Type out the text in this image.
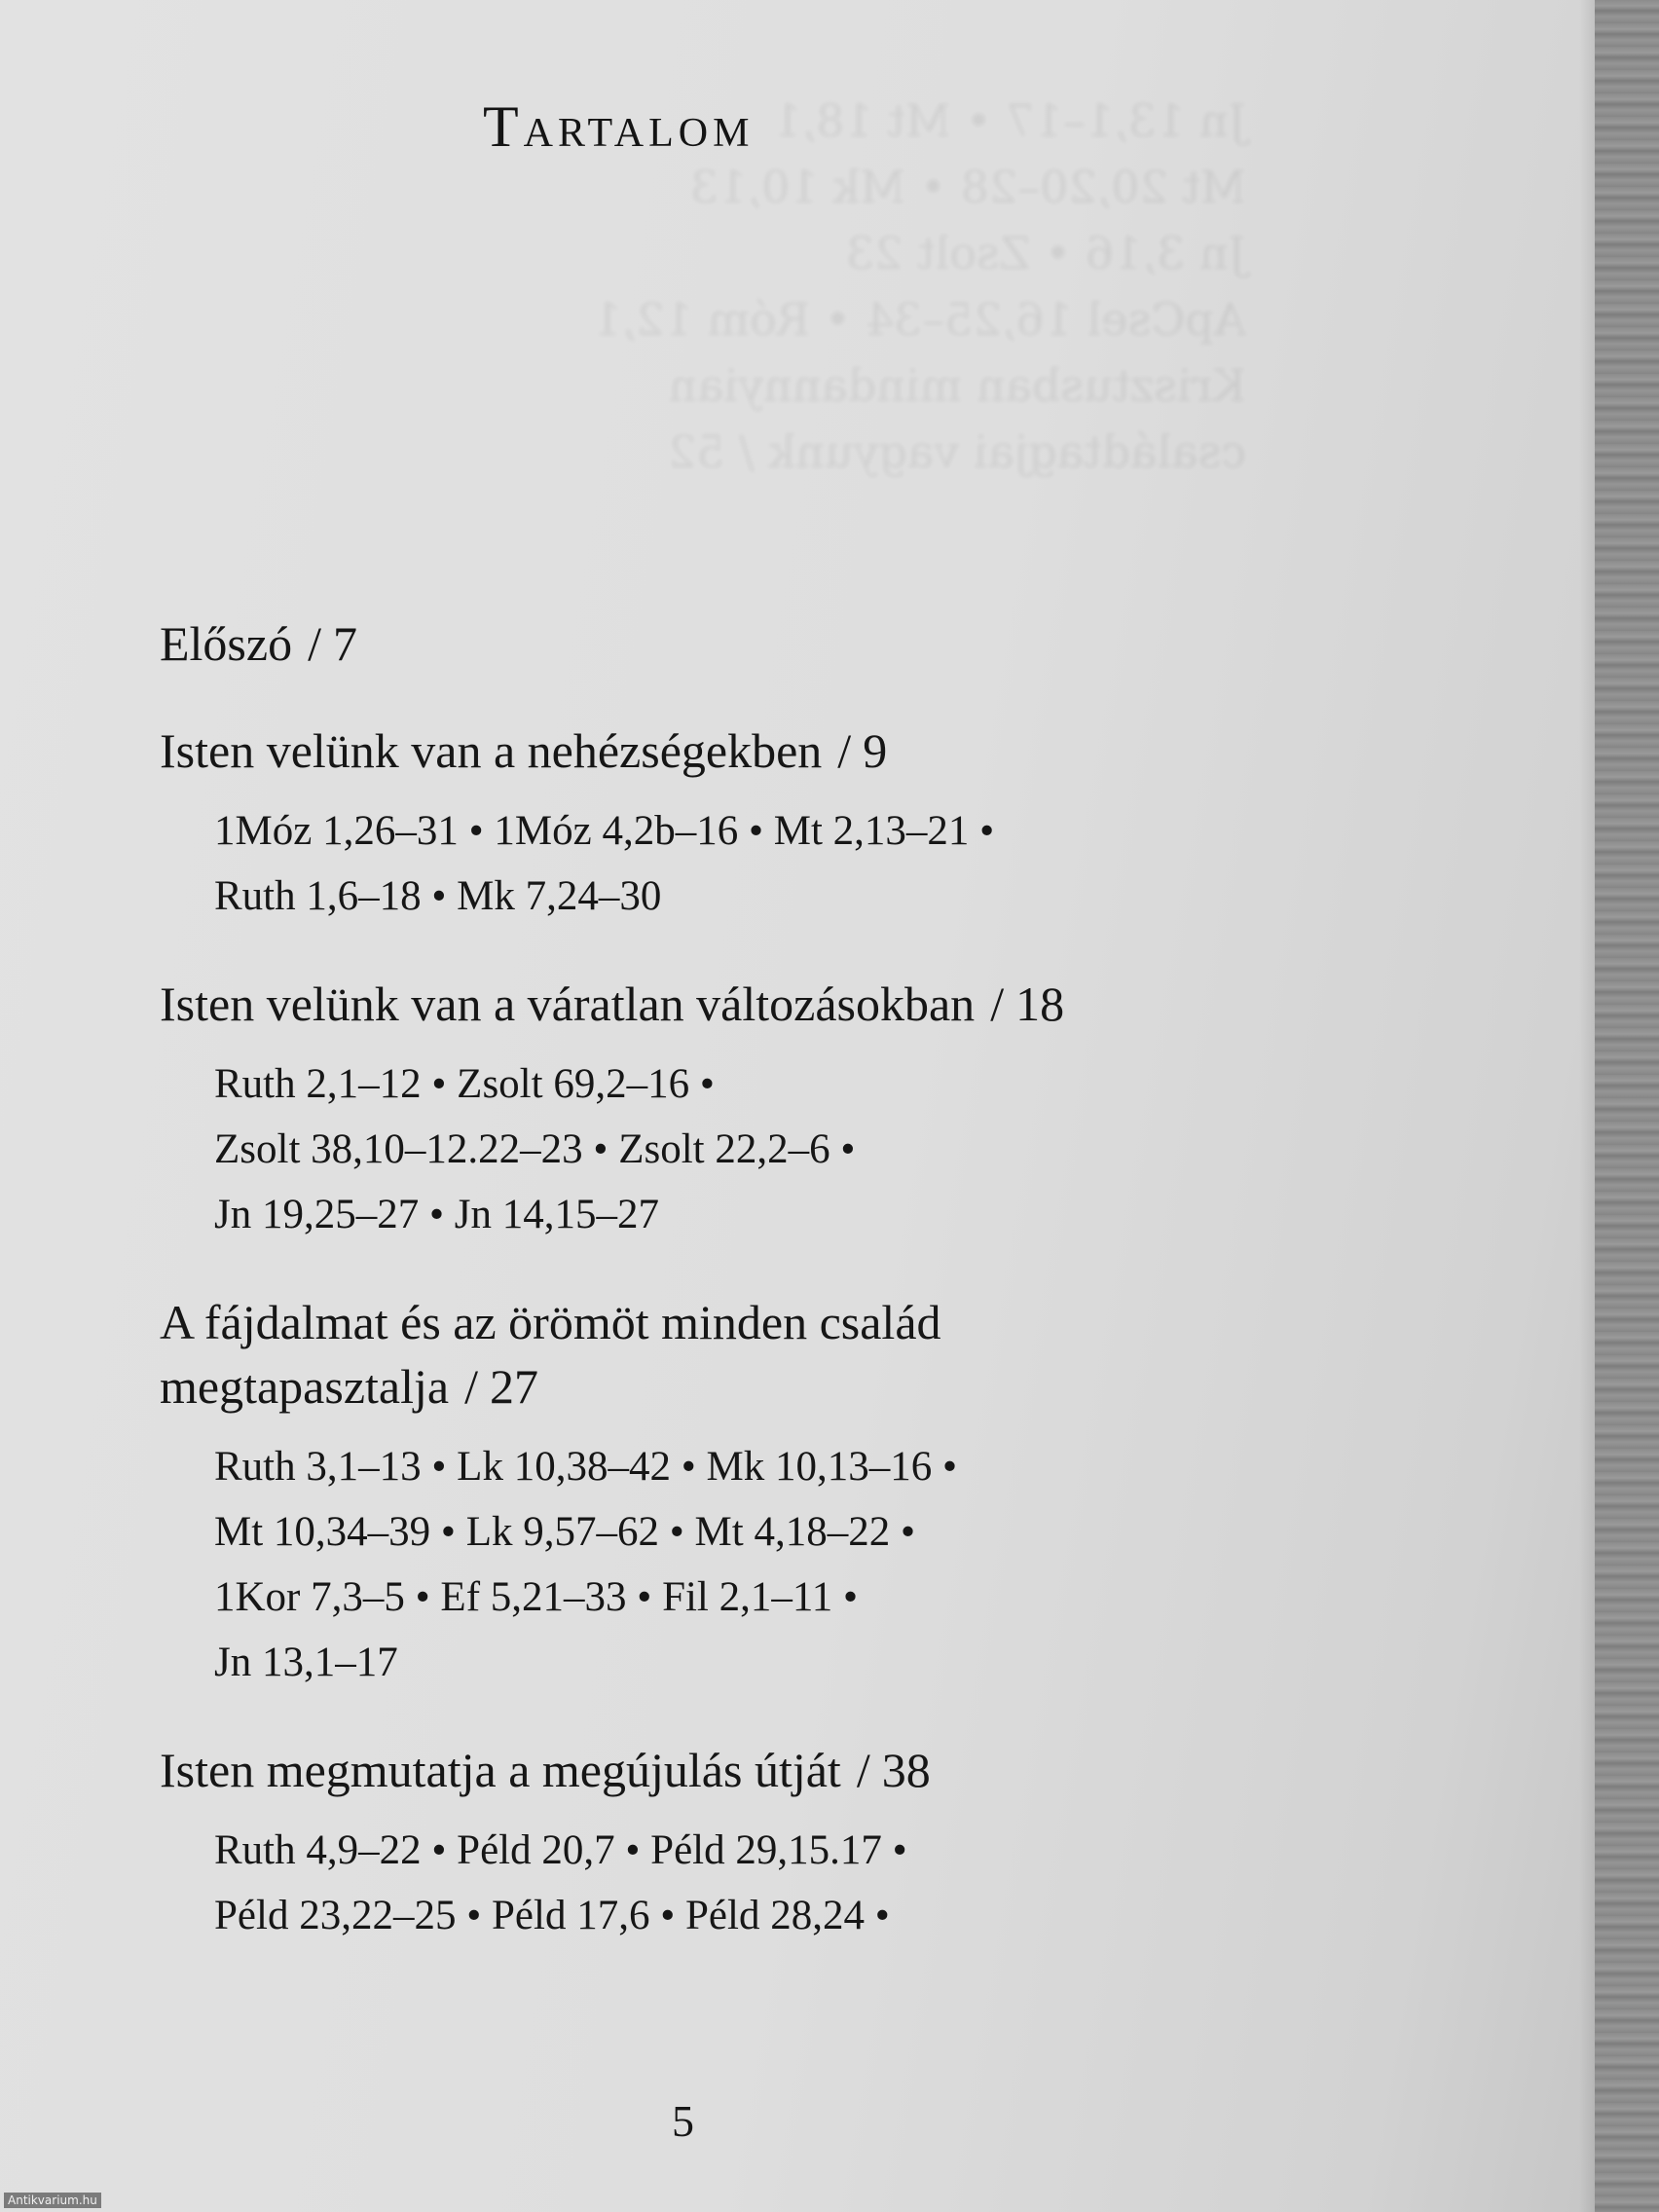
Jn 13,1–17 • Mt 18,1
Mt 20,20–28 • Mk 10,13
Jn 3,16 • Zsolt 23
ApCsel 16,25–34 • Róm 12,1
Krisztusban mindannyian
családtagjai vagyunk / 52
Tartalom
Előszó / 7
Isten velünk van a nehézségekben / 9
1Móz 1,26–31 • 1Móz 4,2b–16 • Mt 2,13–21 •
Ruth 1,6–18 • Mk 7,24–30
Isten velünk van a váratlan változásokban / 18
Ruth 2,1–12 • Zsolt 69,2–16 •
Zsolt 38,10–12.22–23 • Zsolt 22,2–6 •
Jn 19,25–27 • Jn 14,15–27
A fájdalmat és az örömöt minden család
megtapasztalja / 27
Ruth 3,1–13 • Lk 10,38–42 • Mk 10,13–16 •
Mt 10,34–39 • Lk 9,57–62 • Mt 4,18–22 •
1Kor 7,3–5 • Ef 5,21–33 • Fil 2,1–11 •
Jn 13,1–17
Isten megmutatja a megújulás útját / 38
Ruth 4,9–22 • Péld 20,7 • Péld 29,15.17 •
Péld 23,22–25 • Péld 17,6 • Péld 28,24 •
5
Antikvarium.hu
